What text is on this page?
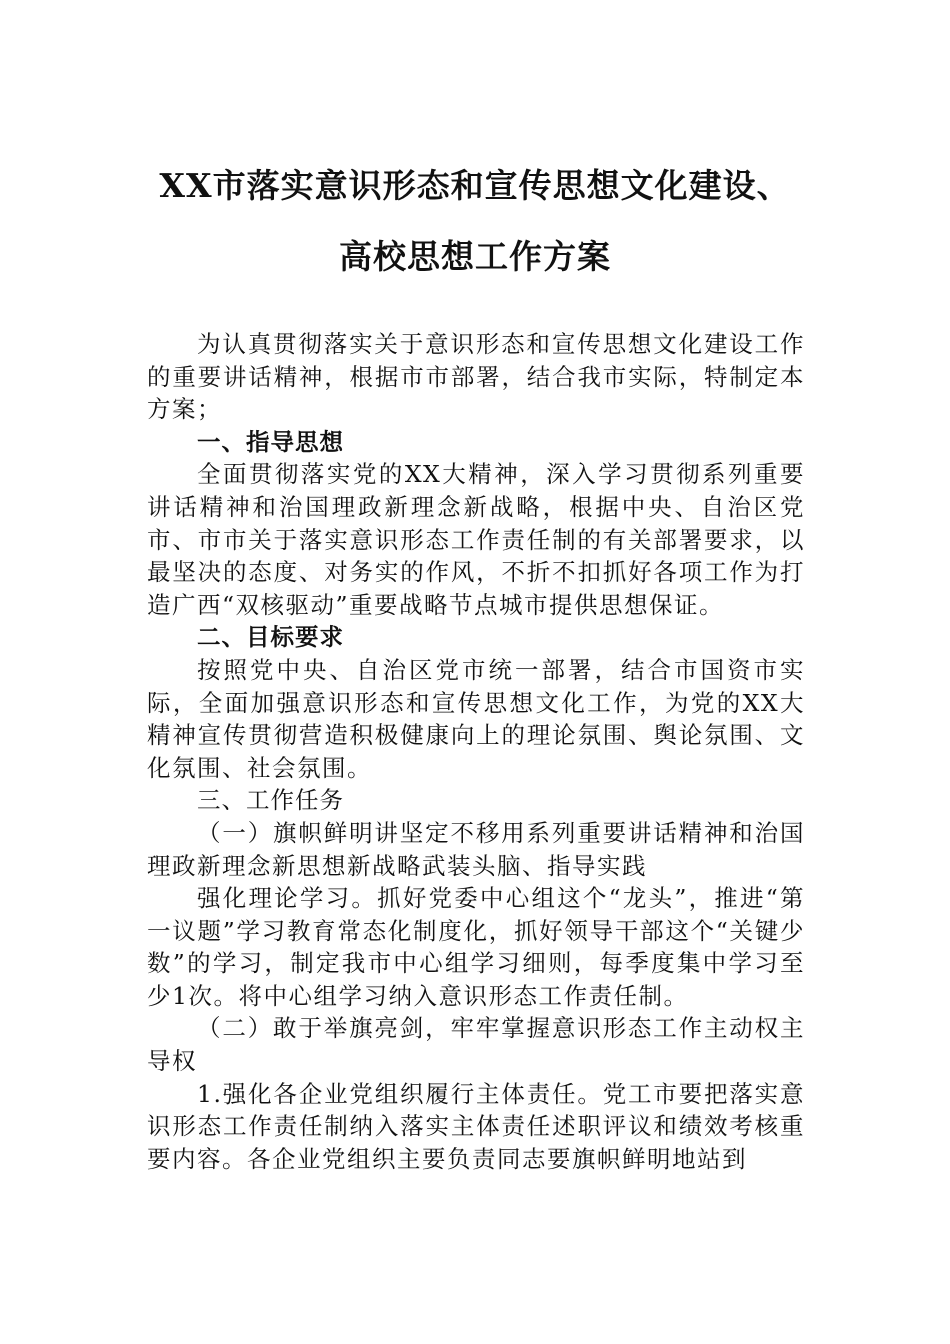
XX市落实意识形态和宣传思想文化建设、
高校思想工作方案

为认真贯彻落实关于意识形态和宣传思想文化建设工作的重要讲话精神，根据市市部署，结合我市实际，特制定本方案；

一、指导思想

全面贯彻落实党的XX大精神，深入学习贯彻系列重要讲话精神和治国理政新理念新战略，根据中央、自治区党市、市市关于落实意识形态工作责任制的有关部署要求，以最坚决的态度、对务实的作风，不折不扣抓好各项工作为打造广西“双核驱动”重要战略节点城市提供思想保证。

二、目标要求

按照党中央、自治区党市统一部署，结合市国资市实际，全面加强意识形态和宣传思想文化工作，为党的XX大精神宣传贯彻营造积极健康向上的理论氛围、舆论氛围、文化氛围、社会氛围。

三、工作任务

（一）旗帜鲜明讲坚定不移用系列重要讲话精神和治国理政新理念新思想新战略武装头脑、指导实践

强化理论学习。抓好党委中心组这个“龙头”，推进“第一议题”学习教育常态化制度化，抓好领导干部这个“关键少数”的学习，制定我市中心组学习细则，每季度集中学习至少1次。将中心组学习纳入意识形态工作责任制。

（二）敢于举旗亮剑，牢牢掌握意识形态工作主动权主导权

1.强化各企业党组织履行主体责任。党工市要把落实意识形态工作责任制纳入落实主体责任述职评议和绩效考核重要内容。各企业党组织主要负责同志要旗帜鲜明地站到
